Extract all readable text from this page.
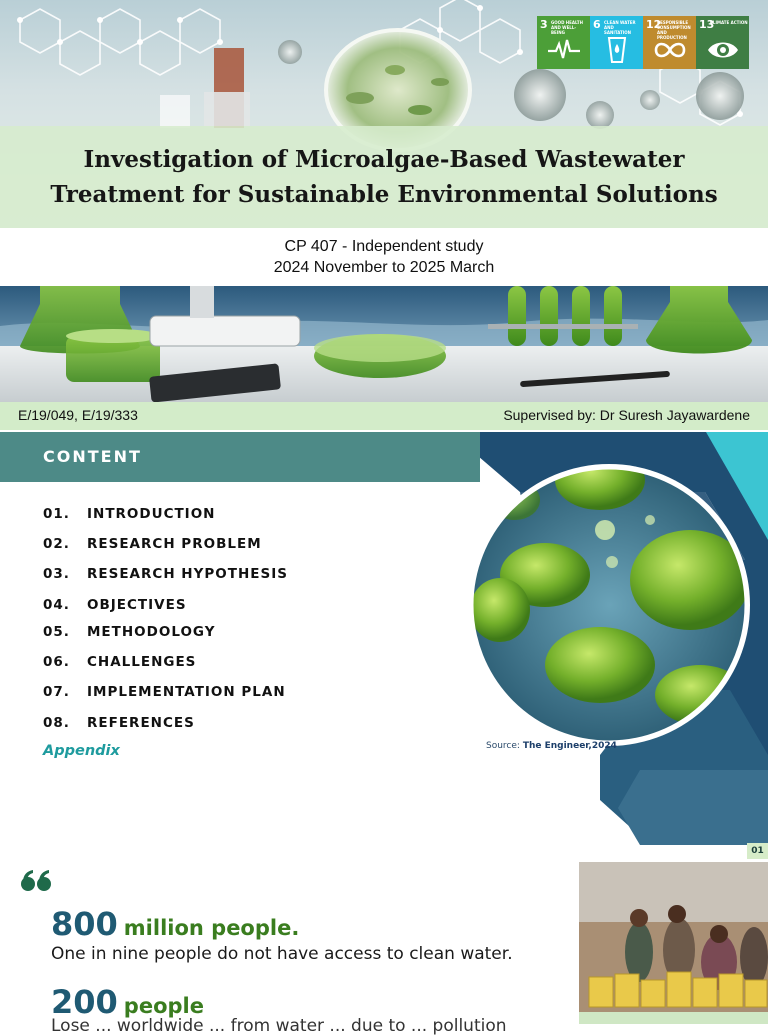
3 GOOD HEALTH AND WELL-BEING
6 CLEAN WATER AND SANITATION
12
RESPONSIBLE CONSUMPTION AND PRODUCTION
13
CLIMATE ACTION
Investigation of Microalgae-Based Wastewater
Treatment for Sustainable Environmental Solutions
CP 407 - Independent study
2024 November to 2025 March
E/19/049, E/19/333	Supervised by: Dr Suresh Jayawardene
CONTENT
01. INTRODUCTION
02. RESEARCH PROBLEM
03. RESEARCH HYPOTHESIS
04. OBJECTIVES
05. METHODOLOGY
06. CHALLENGES
07. IMPLEMENTATION PLAN
08. REFERENCES
Appendix	Source: The Engineer,2024
01
800 million people.
One in nine people do not have access to clean water.
200 people
Lose ... worldwide ... from water ... due to ... pollution
